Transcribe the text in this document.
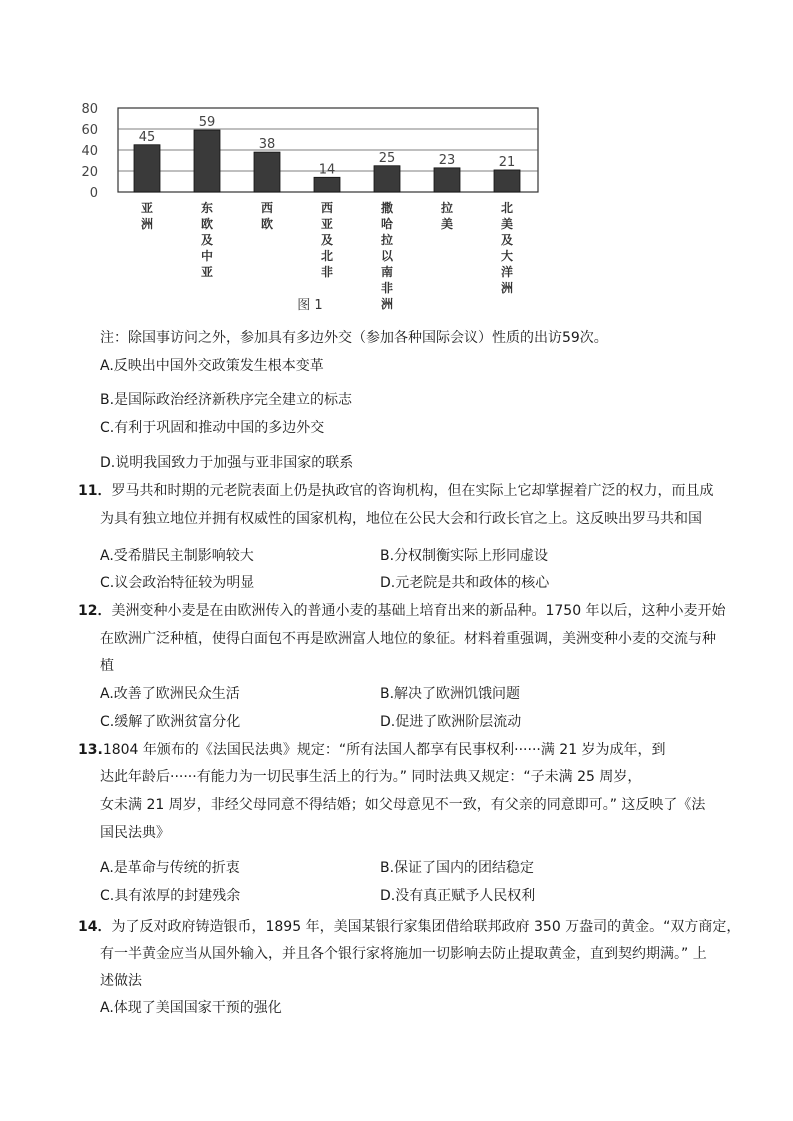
0
20
40
60
80
45
亚
洲
59
东
欧
及
中
亚
38
西
欧
14
西
亚
及
北
非
25
撒
哈
拉
以
南
非
洲
23
拉
美
21
北
美
及
大
洋
洲
图 1
注：除国事访问之外，参加具有多边外交（参加各种国际会议）性质的出访59次。
A.反映出中国外交政策发生根本变革
B.是国际政治经济新秩序完全建立的标志
C.有利于巩固和推动中国的多边外交
D.说明我国致力于加强与亚非国家的联系
11．罗马共和时期的元老院表面上仍是执政官的咨询机构，但在实际上它却掌握着广泛的权力，而且成
为具有独立地位并拥有权威性的国家机构，地位在公民大会和行政长官之上。这反映出罗马共和国
A.受希腊民主制影响较大	B.分权制衡实际上形同虚设
C.议会政治特征较为明显	D.元老院是共和政体的核心
12．美洲变种小麦是在由欧洲传入的普通小麦的基础上培育出来的新品种。1750 年以后，这种小麦开始
在欧洲广泛种植，使得白面包不再是欧洲富人地位的象征。材料着重强调，美洲变种小麦的交流与种
植
A.改善了欧洲民众生活	B.解决了欧洲饥饿问题
C.缓解了欧洲贫富分化	D.促进了欧洲阶层流动
13.1804 年颁布的《法国民法典》规定：“所有法国人都享有民事权利······满 21 岁为成年，到
达此年龄后······有能力为一切民事生活上的行为。” 同时法典又规定：“子未满 25 周岁，
女未满 21 周岁，非经父母同意不得结婚；如父母意见不一致，有父亲的同意即可。” 这反映了《法
国民法典》
A.是革命与传统的折衷	B.保证了国内的团结稳定
C.具有浓厚的封建残余	D.没有真正赋予人民权利
14．为了反对政府铸造银币，1895 年，美国某银行家集团借给联邦政府 350 万盎司的黄金。“双方商定，
有一半黄金应当从国外输入，并且各个银行家将施加一切影响去防止提取黄金，直到契约期满。” 上
述做法
A.体现了美国国家干预的强化
